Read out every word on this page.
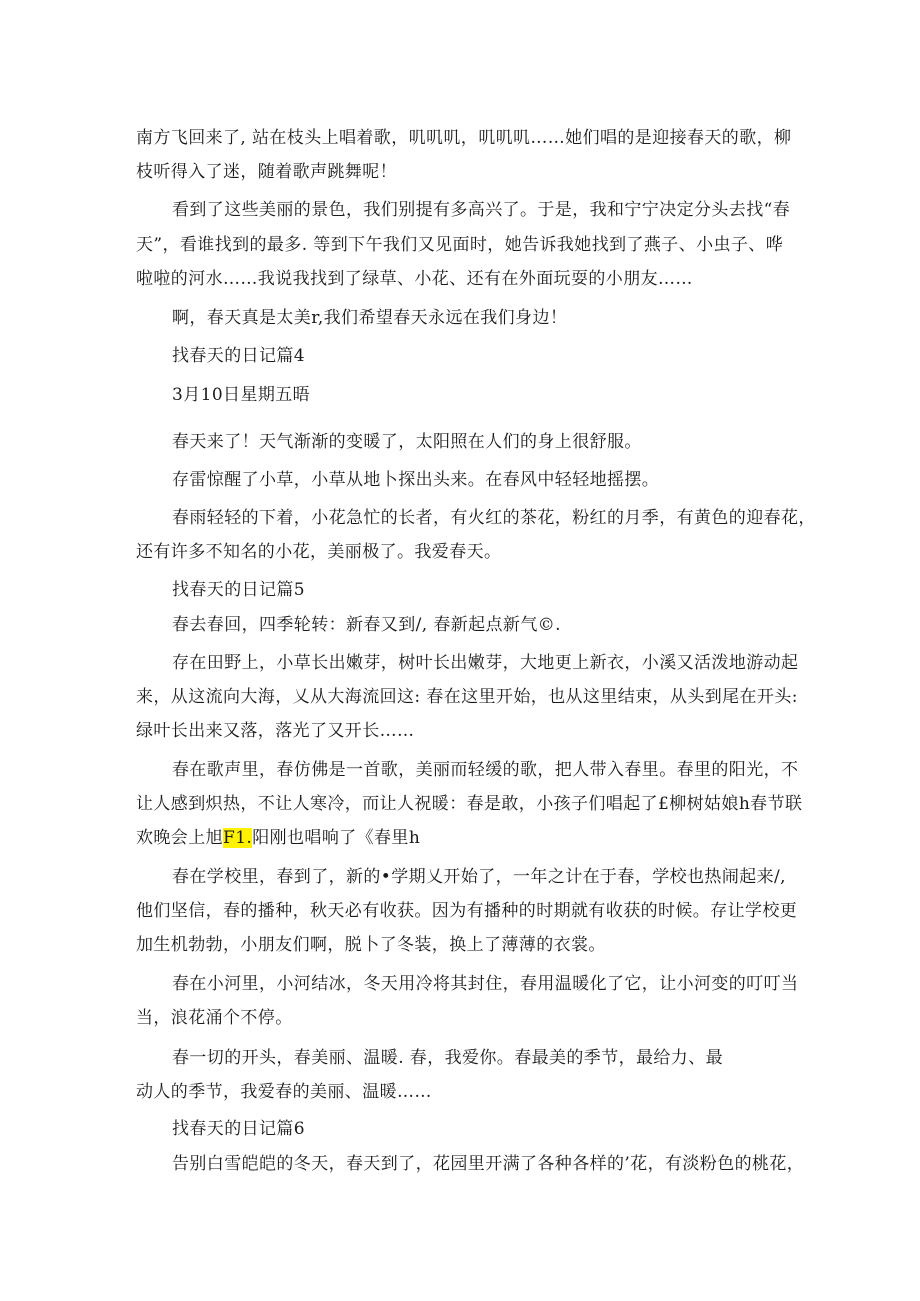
南方飞回来了, 站在枝头上唱着歌，叽叽叽，叽叽叽……她们唱的是迎接春天的歌，柳
枝听得入了迷，随着歌声跳舞呢！
看到了这些美丽的景色，我们别提有多高兴了。于是，我和宁宁决定分头去找“春
天”，看谁找到的最多. 等到下午我们又见面时，她告诉我她找到了燕子、小虫子、哗
啦啦的河水……我说我找到了绿草、小花、还有在外面玩耍的小朋友……
啊，春天真是太美r,我们希望春天永远在我们身边！
找春天的日记篇4
3月10日星期五晤
春天来了！天气渐渐的变暖了，太阳照在人们的身上很舒服。
存雷惊醒了小草，小草从地卜探出头来。在春风中轻轻地摇摆。
春雨轻轻的下着，小花急忙的长者，有火红的茶花，粉红的月季，有黄色的迎春花，
还有许多不知名的小花，美丽极了。我爱春天。
找春天的日记篇5
春去春回，四季轮转：新春又到/, 春新起点新气©.
存在田野上，小草长出嫩芽，树叶长出嫩芽，大地更上新衣，小溪又活泼地游动起
来，从这流向大海，乂从大海流回这: 春在这里开始，也从这里结束，从头到尾在开头:
绿叶长出来又落，落光了又开长……
春在歌声里，春仿佛是一首歌，美丽而轻缓的歌，把人带入春里。春里的阳光，不
让人感到炽热，不让人寒冷，而让人祝暖：春是敢，小孩子们唱起了£柳树姑娘h春节联
欢晚会上旭F1.阳刚也唱响了《春里h
春在学校里，春到了，新的•学期乂开始了，一年之计在于春，学校也热闹起来/,
他们坚信，春的播种，秋天必有收获。因为有播种的时期就有收获的时候。存让学校更
加生机勃勃，小朋友们啊，脱卜了冬装，换上了薄薄的衣裳。
春在小河里，小河结冰，冬天用冷将其封住，春用温暖化了它，让小河变的叮叮当
当，浪花涌个不停。
春一切的开头，春美丽、温暖. 春，我爱你。春最美的季节，最给力、最
动人的季节，我爱春的美丽、温暖……
找春天的日记篇6
告别白雪皑皑的冬天，春天到了，花园里开满了各种各样的’花，有淡粉色的桃花，
